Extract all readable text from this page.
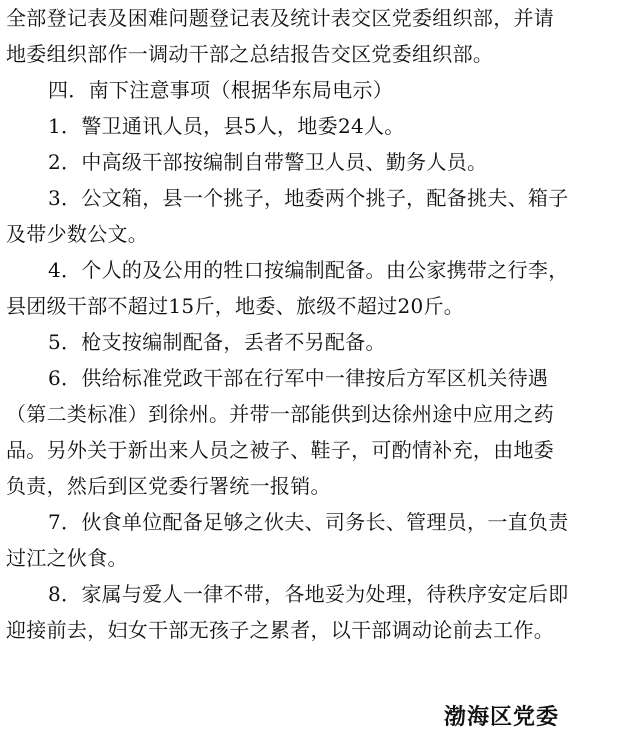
全部登记表及困难问题登记表及统计表交区党委组织部，并请
地委组织部作一调动干部之总结报告交区党委组织部。
四．南下注意事项（根据华东局电示）
1．警卫通讯人员，县5人，地委24人。
2．中高级干部按编制自带警卫人员、勤务人员。
3．公文箱，县一个挑子，地委两个挑子，配备挑夫、箱子
及带少数公文。
4．个人的及公用的牲口按编制配备。由公家携带之行李，
县团级干部不超过15斤，地委、旅级不超过20斤。
5．枪支按编制配备，丢者不另配备。
6．供给标准党政干部在行军中一律按后方军区机关待遇
（第二类标准）到徐州。并带一部能供到达徐州途中应用之药
品。另外关于新出来人员之被子、鞋子，可酌情补充，由地委
负责，然后到区党委行署统一报销。
7．伙食单位配备足够之伙夫、司务长、管理员，一直负责
过江之伙食。
8．家属与爱人一律不带，各地妥为处理，待秩序安定后即
迎接前去，妇女干部无孩子之累者，以干部调动论前去工作。
渤海区党委
